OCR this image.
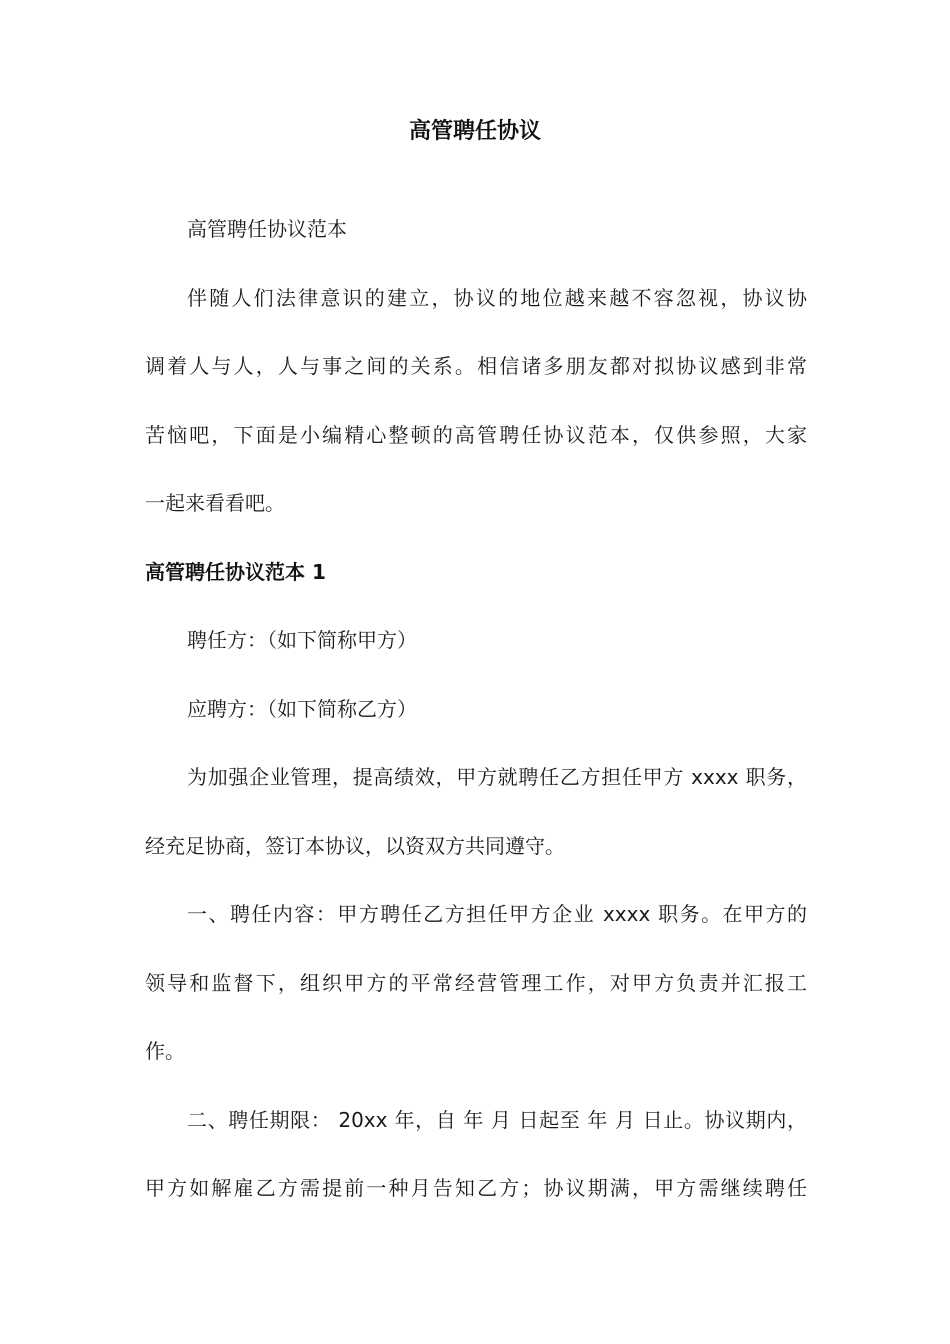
高管聘任协议

高管聘任协议范本

伴随人们法律意识的建立，协议的地位越来越不容忽视，协议协

调着人与人，人与事之间的关系。相信诸多朋友都对拟协议感到非常

苦恼吧，下面是小编精心整顿的高管聘任协议范本，仅供参照，大家

一起来看看吧。

高管聘任协议范本 1

聘任方：（如下简称甲方）

应聘方：（如下简称乙方）

为加强企业管理，提高绩效，甲方就聘任乙方担任甲方 xxxx 职务，

经充足协商，签订本协议，以资双方共同遵守。

一、聘任内容：甲方聘任乙方担任甲方企业 xxxx 职务。在甲方的

领导和监督下，组织甲方的平常经营管理工作，对甲方负责并汇报工

作。

二、聘任期限： 20xx 年，自 年 月 日起至 年 月 日止。协议期内，

甲方如解雇乙方需提前一种月告知乙方；协议期满，甲方需继续聘任
